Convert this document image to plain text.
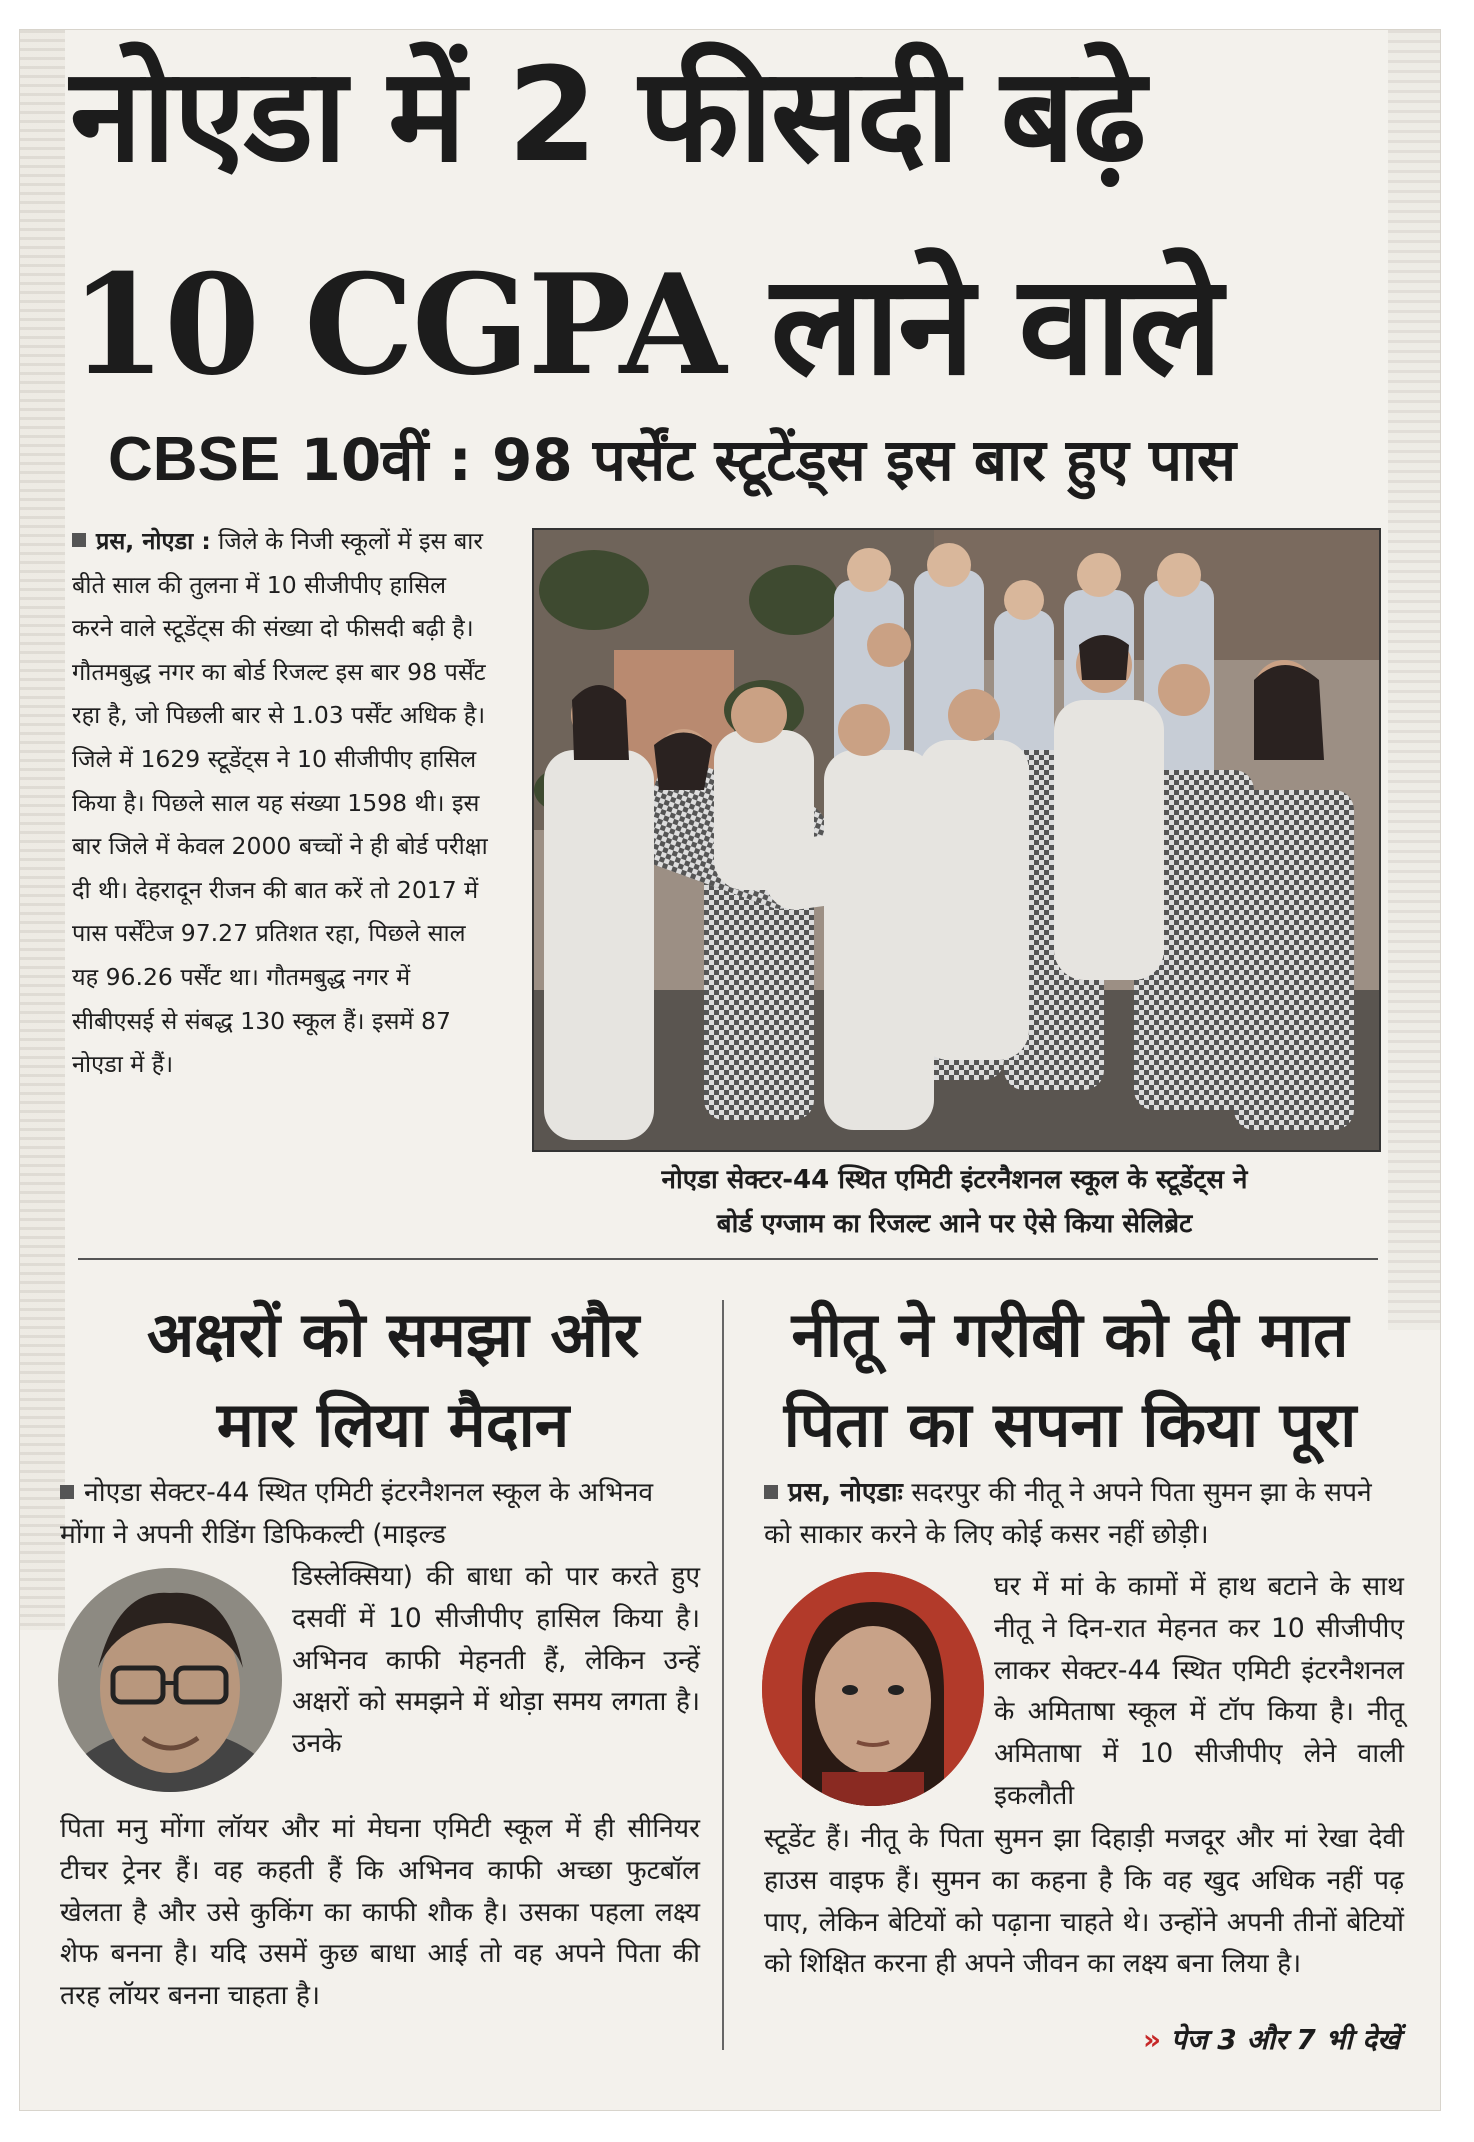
नोएडा में 2 फीसदी बढ़े
10 CGPA लाने वाले
CBSE 10वीं : 98 पर्सेंट स्टूटेंड्स इस बार हुए पास
प्रस, नोएडा : जिले के निजी स्कूलों में इस बार बीते साल की तुलना में 10 सीजीपीए हासिल करने वाले स्टूडेंट्स की संख्या दो फीसदी बढ़ी है। गौतमबुद्ध नगर का बोर्ड रिजल्ट इस बार 98 पर्सेंट रहा है, जो पिछली बार से 1.03 पर्सेंट अधिक है। जिले में 1629 स्टूडेंट्स ने 10 सीजीपीए हासिल किया है। पिछले साल यह संख्या 1598 थी। इस बार जिले में केवल 2000 बच्चों ने ही बोर्ड परीक्षा दी थी। देहरादून रीजन की बात करें तो 2017 में पास पर्सेंटेज 97.27 प्रतिशत रहा, पिछले साल यह 96.26 पर्सेंट था। गौतमबुद्ध नगर में सीबीएसई से संबद्ध 130 स्कूल हैं। इसमें 87 नोएडा में हैं।
नोएडा सेक्टर-44 स्थित एमिटी इंटरनैशनल स्कूल के स्टूडेंट्स ने
बोर्ड एग्जाम का रिजल्ट आने पर ऐसे किया सेलिब्रेट
अक्षरों को समझा और
मार लिया मैदान
नोएडा सेक्टर-44 स्थित एमिटी इंटरनैशनल स्कूल के अभिनव मोंगा ने अपनी रीडिंग डिफिकल्टी (माइल्ड
डिस्लेक्सिया) की बाधा को पार करते हुए दसवीं में 10 सीजीपीए हासिल किया है। अभिनव काफी मेहनती हैं, लेकिन उन्हें अक्षरों को समझने में थोड़ा समय लगता है। उनके
पिता मनु मोंगा लॉयर और मां मेघना एमिटी स्कूल में ही सीनियर टीचर ट्रेनर हैं। वह कहती हैं कि अभिनव काफी अच्छा फुटबॉल खेलता है और उसे कुकिंग का काफी शौक है। उसका पहला लक्ष्य शेफ बनना है। यदि उसमें कुछ बाधा आई तो वह अपने पिता की तरह लॉयर बनना चाहता है।
नीतू ने गरीबी को दी मात
पिता का सपना किया पूरा
प्रस, नोएडाः सदरपुर की नीतू ने अपने पिता सुमन झा के सपने को साकार करने के लिए कोई कसर नहीं छोड़ी।
घर में मां के कामों में हाथ बटाने के साथ नीतू ने दिन-रात मेहनत कर 10 सीजीपीए लाकर सेक्टर-44 स्थित एमिटी इंटरनैशनल के अमिताषा स्कूल में टॉप किया है। नीतू अमिताषा में 10 सीजीपीए लेने वाली इकलौती
स्टूडेंट हैं। नीतू के पिता सुमन झा दिहाड़ी मजदूर और मां रेखा देवी हाउस वाइफ हैं। सुमन का कहना है कि वह खुद अधिक नहीं पढ़ पाए, लेकिन बेटियों को पढ़ाना चाहते थे। उन्होंने अपनी तीनों बेटियों को शिक्षित करना ही अपने जीवन का लक्ष्य बना लिया है।
» पेज 3 और 7 भी देखें
